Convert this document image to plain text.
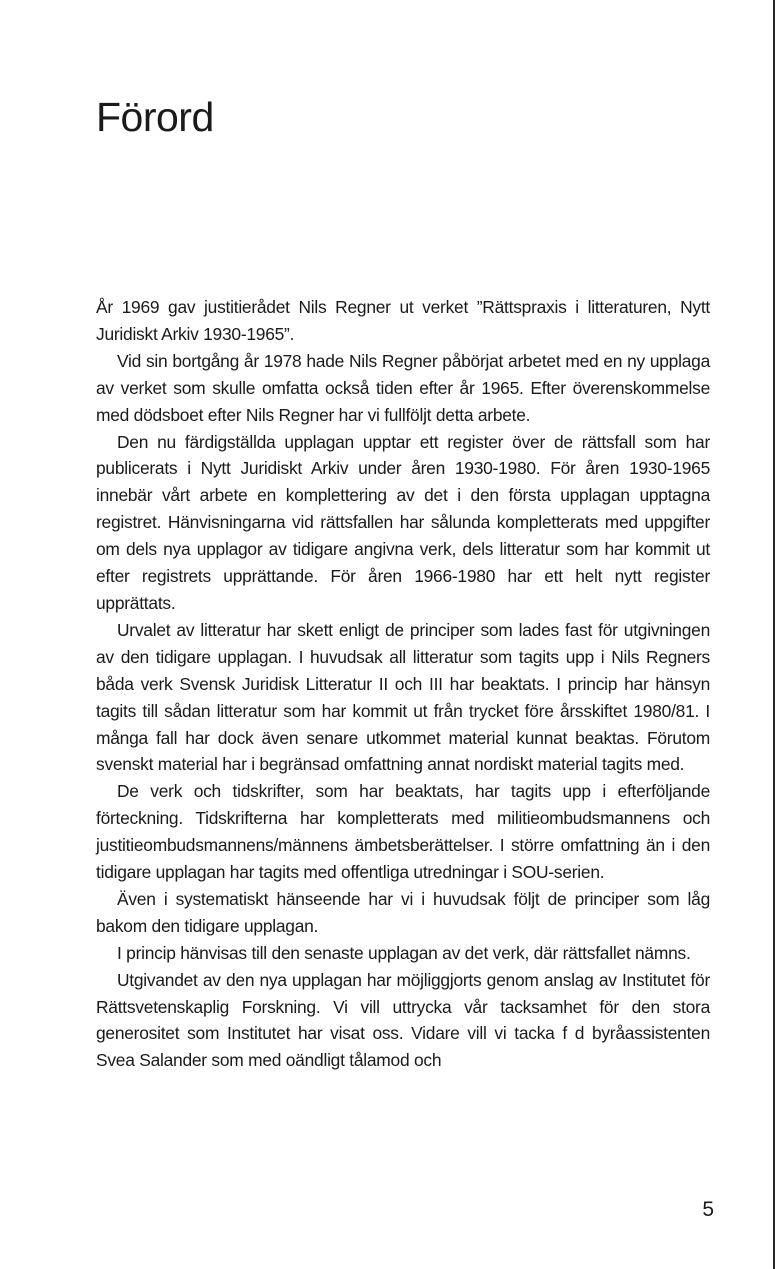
Förord

År 1969 gav justitierådet Nils Regner ut verket ”Rättspraxis i litteraturen, Nytt Juridiskt Arkiv 1930-1965”.

Vid sin bortgång år 1978 hade Nils Regner påbörjat arbetet med en ny upplaga av verket som skulle omfatta också tiden efter år 1965. Efter överenskommelse med dödsboet efter Nils Regner har vi fullföljt detta arbete.

Den nu färdigställda upplagan upptar ett register över de rättsfall som har publicerats i Nytt Juridiskt Arkiv under åren 1930-1980. För åren 1930-1965 innebär vårt arbete en komplettering av det i den första upplagan upptagna registret. Hänvisningarna vid rättsfallen har sålunda kompletterats med uppgifter om dels nya upplagor av tidigare angivna verk, dels litteratur som har kommit ut efter registrets upprättande. För åren 1966-1980 har ett helt nytt register upprättats.

Urvalet av litteratur har skett enligt de principer som lades fast för utgivningen av den tidigare upplagan. I huvudsak all litteratur som tagits upp i Nils Regners båda verk Svensk Juridisk Litteratur II och III har beaktats. I princip har hänsyn tagits till sådan litteratur som har kommit ut från trycket före årsskiftet 1980/81. I många fall har dock även senare utkommet material kunnat beaktas. Förutom svenskt material har i begränsad omfattning annat nordiskt material tagits med.

De verk och tidskrifter, som har beaktats, har tagits upp i efterföljande förteckning. Tidskrifterna har kompletterats med militieombudsmannens och justitieombudsmannens/männens ämbetsberättelser. I större omfattning än i den tidigare upplagan har tagits med offentliga utredningar i SOU-serien.

Även i systematiskt hänseende har vi i huvudsak följt de principer som låg bakom den tidigare upplagan.

I princip hänvisas till den senaste upplagan av det verk, där rättsfallet nämns.

Utgivandet av den nya upplagan har möjliggjorts genom anslag av Institutet för Rättsvetenskaplig Forskning. Vi vill uttrycka vår tacksamhet för den stora generositet som Institutet har visat oss. Vidare vill vi tacka f d byråassistenten Svea Salander som med oändligt tålamod och

5
